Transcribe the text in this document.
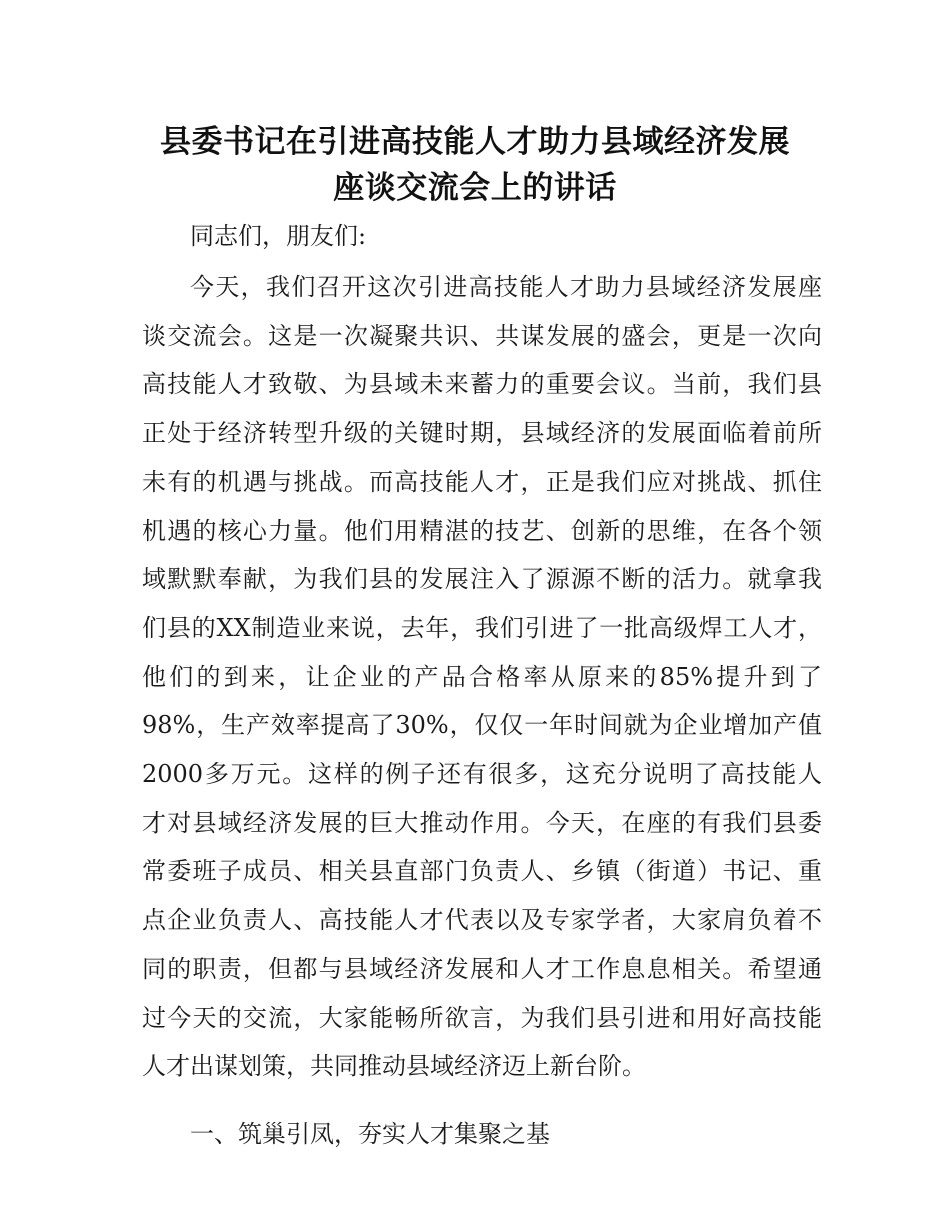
县委书记在引进高技能人才助力县域经济发展
座谈交流会上的讲话
同志们，朋友们:
今天，我们召开这次引进高技能人才助力县域经济发展座
谈交流会。这是一次凝聚共识、共谋发展的盛会，更是一次向
高技能人才致敬、为县域未来蓄力的重要会议。当前，我们县
正处于经济转型升级的关键时期，县域经济的发展面临着前所
未有的机遇与挑战。而高技能人才，正是我们应对挑战、抓住
机遇的核心力量。他们用精湛的技艺、创新的思维，在各个领
域默默奉献，为我们县的发展注入了源源不断的活力。就拿我
们县的XX制造业来说，去年，我们引进了一批高级焊工人才，
他们的到来，让企业的产品合格率从原来的85%提升到了
98%，生产效率提高了30%，仅仅一年时间就为企业增加产值
2000多万元。这样的例子还有很多，这充分说明了高技能人
才对县域经济发展的巨大推动作用。今天，在座的有我们县委
常委班子成员、相关县直部门负责人、乡镇（街道）书记、重
点企业负责人、高技能人才代表以及专家学者，大家肩负着不
同的职责，但都与县域经济发展和人才工作息息相关。希望通
过今天的交流，大家能畅所欲言，为我们县引进和用好高技能
人才出谋划策，共同推动县域经济迈上新台阶。
一、筑巢引凤，夯实人才集聚之基
